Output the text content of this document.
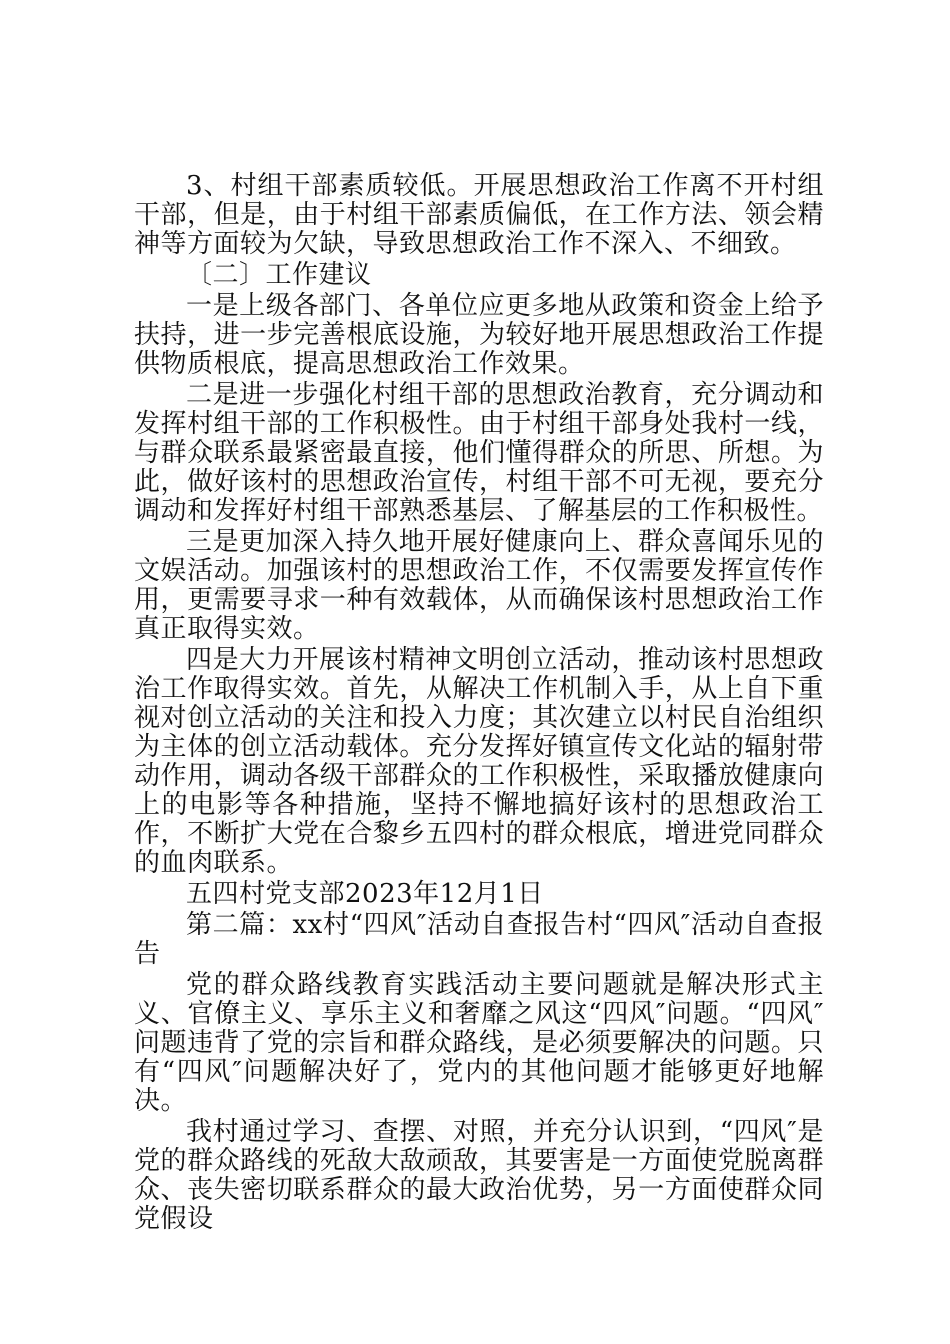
3、村组干部素质较低。开展思想政治工作离不开村组干部，但是，由于村组干部素质偏低，在工作方法、领会精神等方面较为欠缺，导致思想政治工作不深入、不细致。

〔二〕工作建议

一是上级各部门、各单位应更多地从政策和资金上给予扶持，进一步完善根底设施，为较好地开展思想政治工作提供物质根底，提高思想政治工作效果。

二是进一步强化村组干部的思想政治教育，充分调动和发挥村组干部的工作积极性。由于村组干部身处我村一线，与群众联系最紧密最直接，他们懂得群众的所思、所想。为此，做好该村的思想政治宣传，村组干部不可无视，要充分调动和发挥好村组干部熟悉基层、了解基层的工作积极性。

三是更加深入持久地开展好健康向上、群众喜闻乐见的文娱活动。加强该村的思想政治工作，不仅需要发挥宣传作用，更需要寻求一种有效载体，从而确保该村思想政治工作真正取得实效。

四是大力开展该村精神文明创立活动，推动该村思想政治工作取得实效。首先，从解决工作机制入手，从上自下重视对创立活动的关注和投入力度；其次建立以村民自治组织为主体的创立活动载体。充分发挥好镇宣传文化站的辐射带动作用，调动各级干部群众的工作积极性，采取播放健康向上的电影等各种措施，坚持不懈地搞好该村的思想政治工作，不断扩大党在合黎乡五四村的群众根底，增进党同群众的血肉联系。

五四村党支部2023年12月1日

第二篇：xx村“四风″活动自查报告村“四风″活动自查报告

党的群众路线教育实践活动主要问题就是解决形式主义、官僚主义、享乐主义和奢靡之风这“四风″问题。“四风″问题违背了党的宗旨和群众路线，是必须要解决的问题。只有“四风″问题解决好了，党内的其他问题才能够更好地解决。

我村通过学习、查摆、对照，并充分认识到，“四风″是党的群众路线的死敌大敌顽敌，其要害是一方面使党脱离群众、丧失密切联系群众的最大政治优势，另一方面使群众同党假设
